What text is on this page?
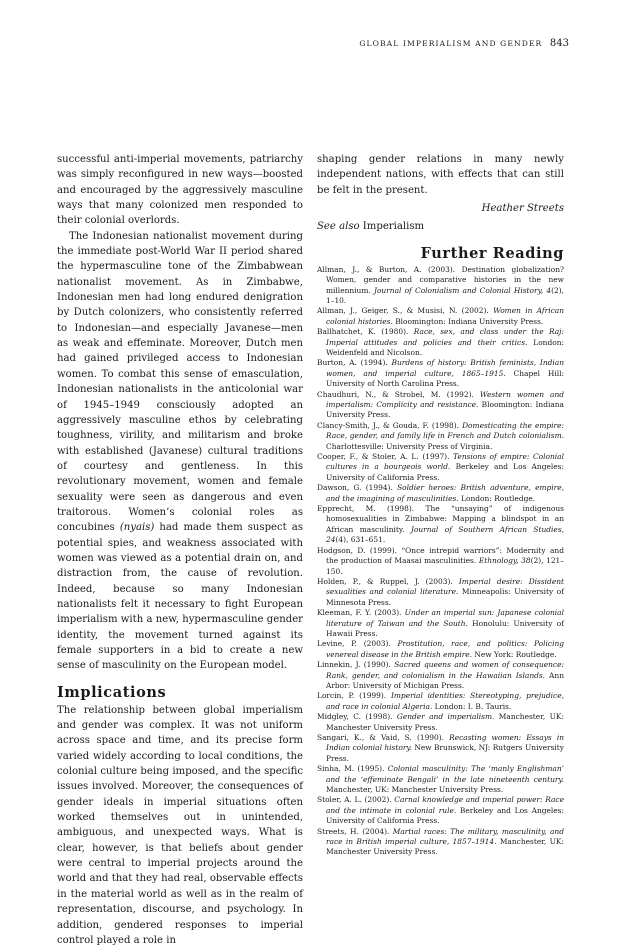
GLOBAL IMPERIALISM AND GENDER 843

successful anti-imperial movements, patriarchy was simply reconfigured in new ways—boosted and encouraged by the aggressively masculine ways that many colonized men responded to their colonial overlords.

The Indonesian nationalist movement during the immediate post-World War II period shared the hypermasculine tone of the Zimbabwean nationalist movement. As in Zimbabwe, Indonesian men had long endured denigration by Dutch colonizers, who consistently referred to Indonesian—and especially Javanese—men as weak and effeminate. Moreover, Dutch men had gained privileged access to Indonesian women. To combat this sense of emasculation, Indonesian nationalists in the anticolonial war of 1945–1949 consciously adopted an aggressively masculine ethos by celebrating toughness, virility, and militarism and broke with established (Javanese) cultural traditions of courtesy and gentleness. In this revolutionary movement, women and female sexuality were seen as dangerous and even traitorous. Women’s colonial roles as concubines (nyais) had made them suspect as potential spies, and weakness associated with women was viewed as a potential drain on, and distraction from, the cause of revolution. Indeed, because so many Indonesian nationalists felt it necessary to fight European imperialism with a new, hypermasculine gender identity, the movement turned against its female supporters in a bid to create a new sense of masculinity on the European model.

Implications

The relationship between global imperialism and gender was complex. It was not uniform across space and time, and its precise form varied widely according to local conditions, the colonial culture being imposed, and the specific issues involved. Moreover, the consequences of gender ideals in imperial situations often worked themselves out in unintended, ambiguous, and unexpected ways. What is clear, however, is that beliefs about gender were central to imperial projects around the world and that they had real, observable effects in the material world as well as in the realm of representation, discourse, and psychology. In addition, gendered responses to imperial control played a role in

shaping gender relations in many newly independent nations, with effects that can still be felt in the present.

Heather Streets
See also Imperialism
Further Reading
Allman, J., & Burton, A. (2003). Destination globalization? Women, gender and comparative histories in the new millennium. Journal of Colonialism and Colonial History, 4(2), 1–10.
Allman, J., Geiger, S., & Musisi, N. (2002). Women in African colonial histories. Bloomington: Indiana University Press.
Ballhatchet, K. (1980). Race, sex, and class under the Raj: Imperial attitudes and policies and their critics. London: Weidenfeld and Nicolson.
Burton, A. (1994). Burdens of history: British feminists, Indian women, and imperial culture, 1865–1915. Chapel Hill: University of North Carolina Press.
Chaudhuri, N., & Strobel, M. (1992). Western women and imperialism: Complicity and resistance. Bloomington: Indiana University Press.
Clancy-Smith, J., & Gouda, F. (1998). Domesticating the empire: Race, gender, and family life in French and Dutch colonialism. Charlottesville: University Press of Virginia.
Cooper, F., & Stoler, A. L. (1997). Tensions of empire: Colonial cultures in a bourgeois world. Berkeley and Los Angeles: University of California Press.
Dawson, G. (1994). Soldier heroes: British adventure, empire, and the imagining of masculinities. London: Routledge.
Epprecht, M. (1998). The “unsaying” of indigenous homosexualities in Zimbabwe: Mapping a blindspot in an African masculinity. Journal of Southern African Studies, 24(4), 631–651.
Hodgson, D. (1999). “Once intrepid warriors”: Modernity and the production of Maasai masculinities. Ethnology, 38(2), 121–150.
Holden, P., & Ruppel, J. (2003). Imperial desire: Dissident sexualities and colonial literature. Minneapolis: University of Minnesota Press.
Kleeman, F. Y. (2003). Under an imperial sun: Japanese colonial literature of Taiwan and the South. Honolulu: University of Hawaii Press.
Levine, P. (2003). Prostitution, race, and politics: Policing venereal disease in the British empire. New York: Routledge.
Linnekin, J. (1990). Sacred queens and women of consequence: Rank, gender, and colonialism in the Hawaiian Islands. Ann Arbor: University of Michigan Press.
Lorcin, P. (1999). Imperial identities: Stereotyping, prejudice, and race in colonial Algeria. London: I. B. Tauris.
Midgley, C. (1998). Gender and imperialism. Manchester, UK: Manchester University Press.
Sangari, K., & Vaid, S. (1990). Recasting women: Essays in Indian colonial history. New Brunswick, NJ: Rutgers University Press.
Sinha, M. (1995). Colonial masculinity: The ‘manly Englishman’ and the ‘effeminate Bengali’ in the late nineteenth century. Manchester, UK: Manchester University Press.
Stoler, A. L. (2002). Carnal knowledge and imperial power: Race and the intimate in colonial rule. Berkeley and Los Angeles: University of California Press.
Streets, H. (2004). Martial races: The military, masculinity, and race in British imperial culture, 1857–1914. Manchester, UK: Manchester University Press.
